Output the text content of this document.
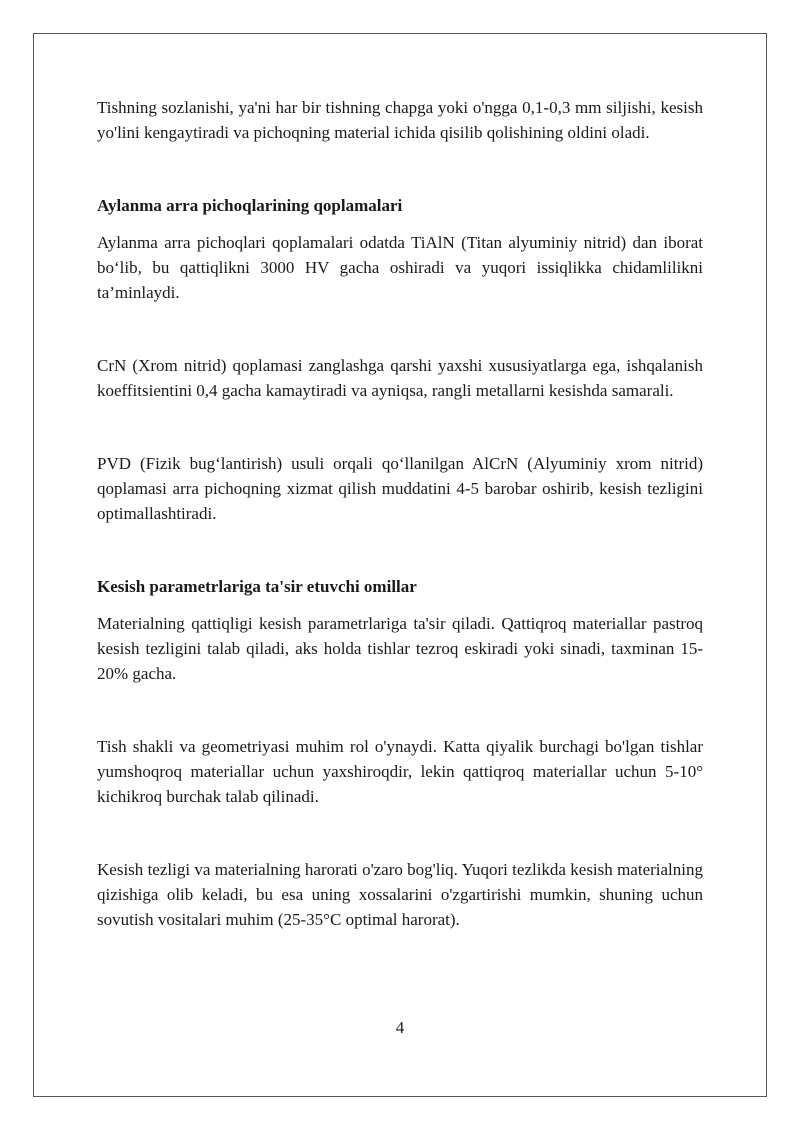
Tishning sozlanishi, ya'ni har bir tishning chapga yoki o'ngga 0,1-0,3 mm siljishi, kesish yo'lini kengaytiradi va pichoqning material ichida qisilib qolishining oldini oladi.

Aylanma arra pichoqlarining qoplamalari

Aylanma arra pichoqlari qoplamalari odatda TiAlN (Titan alyuminiy nitrid) dan iborat bo‘lib, bu qattiqlikni 3000 HV gacha oshiradi va yuqori issiqlikka chidamlilikni ta’minlaydi.

CrN (Xrom nitrid) qoplamasi zanglashga qarshi yaxshi xususiyatlarga ega, ishqalanish koeffitsientini 0,4 gacha kamaytiradi va ayniqsa, rangli metallarni kesishda samarali.

PVD (Fizik bug‘lantirish) usuli orqali qo‘llanilgan AlCrN (Alyuminiy xrom nitrid) qoplamasi arra pichoqning xizmat qilish muddatini 4-5 barobar oshirib, kesish tezligini optimallashtiradi.

Kesish parametrlariga ta'sir etuvchi omillar

Materialning qattiqligi kesish parametrlariga ta'sir qiladi. Qattiqroq materiallar pastroq kesish tezligini talab qiladi, aks holda tishlar tezroq eskiradi yoki sinadi, taxminan 15-20% gacha.

Tish shakli va geometriyasi muhim rol o'ynaydi. Katta qiyalik burchagi bo'lgan tishlar yumshoqroq materiallar uchun yaxshiroqdir, lekin qattiqroq materiallar uchun 5-10° kichikroq burchak talab qilinadi.

Kesish tezligi va materialning harorati o'zaro bog'liq. Yuqori tezlikda kesish materialning qizishiga olib keladi, bu esa uning xossalarini o'zgartirishi mumkin, shuning uchun sovutish vositalari muhim (25-35°C optimal harorat).

4
